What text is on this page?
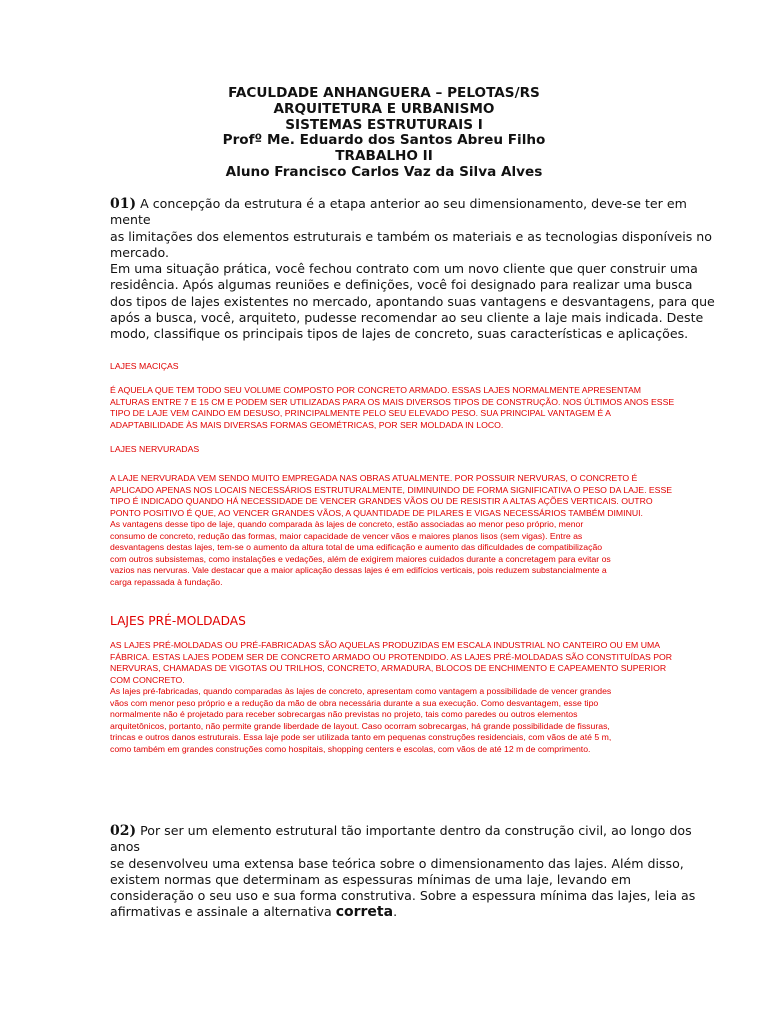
FACULDADE ANHANGUERA – PELOTAS/RS
ARQUITETURA E URBANISMO
SISTEMAS ESTRUTURAIS I
Profº Me. Eduardo dos Santos Abreu Filho
TRABALHO II
Aluno Francisco Carlos Vaz da Silva Alves
01) A concepção da estrutura é a etapa anterior ao seu dimensionamento, deve-se ter em
mente
as limitações dos elementos estruturais e também os materiais e as tecnologias disponíveis no
mercado.
Em uma situação prática, você fechou contrato com um novo cliente que quer construir uma
residência. Após algumas reuniões e definições, você foi designado para realizar uma busca
dos tipos de lajes existentes no mercado, apontando suas vantagens e desvantagens, para que
após a busca, você, arquiteto, pudesse recomendar ao seu cliente a laje mais indicada. Deste
modo, classifique os principais tipos de lajes de concreto, suas características e aplicações.
LAJES MACIÇAS
É AQUELA QUE TEM TODO SEU VOLUME COMPOSTO POR CONCRETO ARMADO. ESSAS LAJES NORMALMENTE APRESENTAM
ALTURAS ENTRE 7 E 15 CM E PODEM SER UTILIZADAS PARA OS MAIS DIVERSOS TIPOS DE CONSTRUÇÃO. NOS ÚLTIMOS ANOS ESSE
TIPO DE LAJE VEM CAINDO EM DESUSO, PRINCIPALMENTE PELO SEU ELEVADO PESO. SUA PRINCIPAL VANTAGEM É A
ADAPTABILIDADE ÀS MAIS DIVERSAS FORMAS GEOMÉTRICAS, POR SER MOLDADA IN LOCO.
LAJES NERVURADAS
A LAJE NERVURADA VEM SENDO MUITO EMPREGADA NAS OBRAS ATUALMENTE. POR POSSUIR NERVURAS, O CONCRETO É
APLICADO APENAS NOS LOCAIS NECESSÁRIOS ESTRUTURALMENTE, DIMINUINDO DE FORMA SIGNIFICATIVA O PESO DA LAJE. ESSE
TIPO É INDICADO QUANDO HÁ NECESSIDADE DE VENCER GRANDES VÃOS OU DE RESISTIR A ALTAS AÇÕES VERTICAIS. OUTRO
PONTO POSITIVO É QUE, AO VENCER GRANDES VÃOS, A QUANTIDADE DE PILARES E VIGAS NECESSÁRIOS TAMBÉM DIMINUI.
As vantagens desse tipo de laje, quando comparada às lajes de concreto, estão associadas ao menor peso próprio, menor
consumo de concreto, redução das formas, maior capacidade de vencer vãos e maiores planos lisos (sem vigas). Entre as
desvantagens destas lajes, tem-se o aumento da altura total de uma edificação e aumento das dificuldades de compatibilização
com outros subsistemas, como instalações e vedações, além de exigirem maiores cuidados durante a concretagem para evitar os
vazios nas nervuras. Vale destacar que a maior aplicação dessas lajes é em edifícios verticais, pois reduzem substancialmente a
carga repassada à fundação.
LAJES PRÉ-MOLDADAS
AS LAJES PRÉ-MOLDADAS OU PRÉ-FABRICADAS SÃO AQUELAS PRODUZIDAS EM ESCALA INDUSTRIAL NO CANTEIRO OU EM UMA
FÁBRICA. ESTAS LAJES PODEM SER DE CONCRETO ARMADO OU PROTENDIDO. AS LAJES PRÉ-MOLDADAS SÃO CONSTITUÍDAS POR
NERVURAS, CHAMADAS DE VIGOTAS OU TRILHOS, CONCRETO, ARMADURA, BLOCOS DE ENCHIMENTO E CAPEAMENTO SUPERIOR
COM CONCRETO.
As lajes pré-fabricadas, quando comparadas às lajes de concreto, apresentam como vantagem a possibilidade de vencer grandes
vãos com menor peso próprio e a redução da mão de obra necessária durante a sua execução. Como desvantagem, esse tipo
normalmente não é projetado para receber sobrecargas não previstas no projeto, tais como paredes ou outros elementos
arquitetônicos, portanto, não permite grande liberdade de layout. Caso ocorram sobrecargas, há grande possibilidade de fissuras,
trincas e outros danos estruturais. Essa laje pode ser utilizada tanto em pequenas construções residenciais, com vãos de até 5 m,
como também em grandes construções como hospitais, shopping centers e escolas, com vãos de até 12 m de comprimento.
02) Por ser um elemento estrutural tão importante dentro da construção civil, ao longo dos
anos
se desenvolveu uma extensa base teórica sobre o dimensionamento das lajes. Além disso,
existem normas que determinam as espessuras mínimas de uma laje, levando em
consideração o seu uso e sua forma construtiva. Sobre a espessura mínima das lajes, leia as
afirmativas e assinale a alternativa correta.
